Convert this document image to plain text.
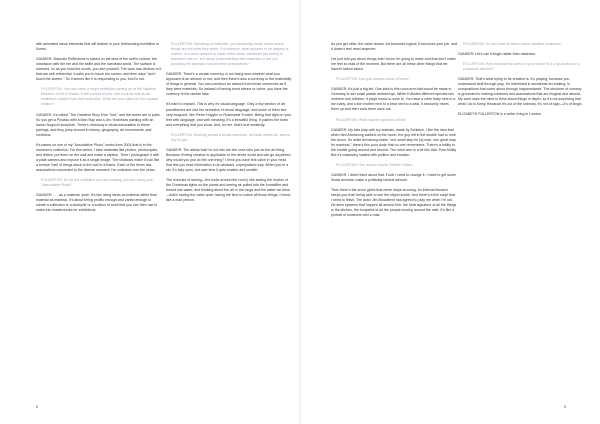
with animated visual elements that will feature in your forthcoming exhibition in Korea.

GANDER: Staccato Reflections is based on the idea of the self in culture, the obsession with the me and the selfie and the narcissist world. The surface is mirrored, so as you read the words, you see yourself. The work has devices in it that are self-referential. It asks you to touch the screen, and then says "don't touch the screen." So it seems like it is responding to you, but it's not.

FULLERTON: You also have a major exhibition coming up at the National Museum of Art in Osaka. It will consist of your own work as well as an exhibition curated from their collection. What are your plans for the curated section?

GANDER: It's called "The Greatest Story Ever Told," and the works are in pairs. So you get a Picasso with a Man Ray and a Jiro Yoshihara painting with an Isamu Noguchi sculpture. There's obviously a visual association to these pairings, and they jump around in history, geography, art movements, and mediums.

It's based on one of my "Associative Photo" works from 2004 that is in the museum's collection. For this series, I take materials like photos, photocopies, and letters, put them on the wall and make a caption. Then I photograph it with a plate camera and expose it as a single image. The shadows make it look like a trompe l'oeil of things stuck to the wall in a frame. Each of the items has associations connected to the diverse research I've collected over the years.

FULLERTON: So for the exhibition you are curating, you are using your "Associative Photo"

GANDER: . . . as a material, yeah. It's like using ideas as material rather than material as material. It's about being prolific enough and varied enough to create a collection or a stockpile or a toolbox of work that you can then use to make into masterworks for exhibitions.

FULLERTON: Speaking of materials, you frequently create works where things are not what they seem. For instance, what appears to be drapery is marble, or a used condom is made of the same substance [as those] of drawers it sits on. Is it about experimenting with materials or are you prodding the spectator toward fresh perspectives?

GANDER: There's a certain currency in not being sure whether what you approach is an artwork or not, and then there's also a currency to the materiality of things in general. You can construct an artwork from those currencies as if they were materials. So instead of having burnt sienna or ochre, you have the currency of the double take.

It's hard to explain. This is why it's visual language. Only a tiny section of art practitioners are into the semiotics of visual language, and some of them see very eloquent, like Pierre Huyghe or Rosemarie Trockel. Being that tight on your feet with language, and with meaning, it's a beautiful thing. It pushes the brain and everything that you know. And, for me, that's true creativity.

FULLERTON: Working across a broad spectrum, as those artists do, seems key to you.

GANDER: The artists that I'm not into are the ones who just do the art thing. Because if being creative is applicable to the whole world and can go anywhere, why would you just do the one thing? I think you have this valve in your head that lets you read information in an abstract, unprejudiced way. When you're a kid, it's fully open, but over time it gets smaller and smaller.

The exercise of seeing—the looks around the room]. like seeing the rhythm of the Christmas lights on the plants and seeing air pulled into the humidifier and turned into water, and thinking about the air in the lungs and the water we drink—that's having the valve open, taking the time to notice all those things. I found like a mad person.

8

As you get older, the valve closes. Art becomes logical, it becomes your job, and it doesn't feel react anymore.

I've just told you about things that I know I'm going to make and that don't make me feel so mad of the moment. But there are all these other things that we haven't talked about.

FULLERTON: Can you discuss some of those?

GANDER: It's just a big list. One idea is this robot arm that would be made in Germany to sell small plastic animal toys. While it divides different species into mothers and children, it plays music to work to. You have a robin baby next to a lion baby, and a lion mother next to a bear next to a seal. It randomly mixes them up and then sorts them back out.

FULLERTON: What was the genesis of that?

GANDER: My kids play with toy animals, made by Schleich. I like the idea that when Neil Armstrong walked on the moon, the guy left in the shuttle had to orbit the moon. So while Armstrong made "one small step for [a] man, one great leap for mankind," there's this poor dude that no one remembers. There's a futility to the shuttle going around and around. The robot arm is a bit like that. Pure futility. But it's massively loaded with politics and emotion.

FULLERTON: Yes, and of course Steiner Holism.

GANDER: I didn't think about that. Fuck! I need to change it. I need to get some Swiss animals, make a politically neutral artwork.

Then there's the snow globe that never stops snowing. An internal blizzard keeps you from being able to see the object inside. And there's a film script that I need to finish. The actor Jim Broadbent has agreed to play me when I'm old. He sees systems that happen all around him: the heat signature of all the things in the kitchen, the footpaths of all the people moving around the café. It's like a portrait of someone who's mad.

FULLERTON: So you think all these works manifest madness?

GANDER: Let's call it illogic rather than madness.

FULLERTON: How important is humor in your work? Is it a by-product or a conscious element?

GANDER: That's what trying to be creative is. It's playing, because you understand stuff through play. I'm interested in accidental art-making, in compositions that come about through happenstance. The structure of comedy is grounded in making collisions and associations that are illogical and absurd. My work uses the mind to think about things in depth, so it's not surprising that what I do is funny. Because it's out of the ordinary, it's not of logic—it's of illogic.

ELIZABETH FULLERTON is a writer living in London.

9
